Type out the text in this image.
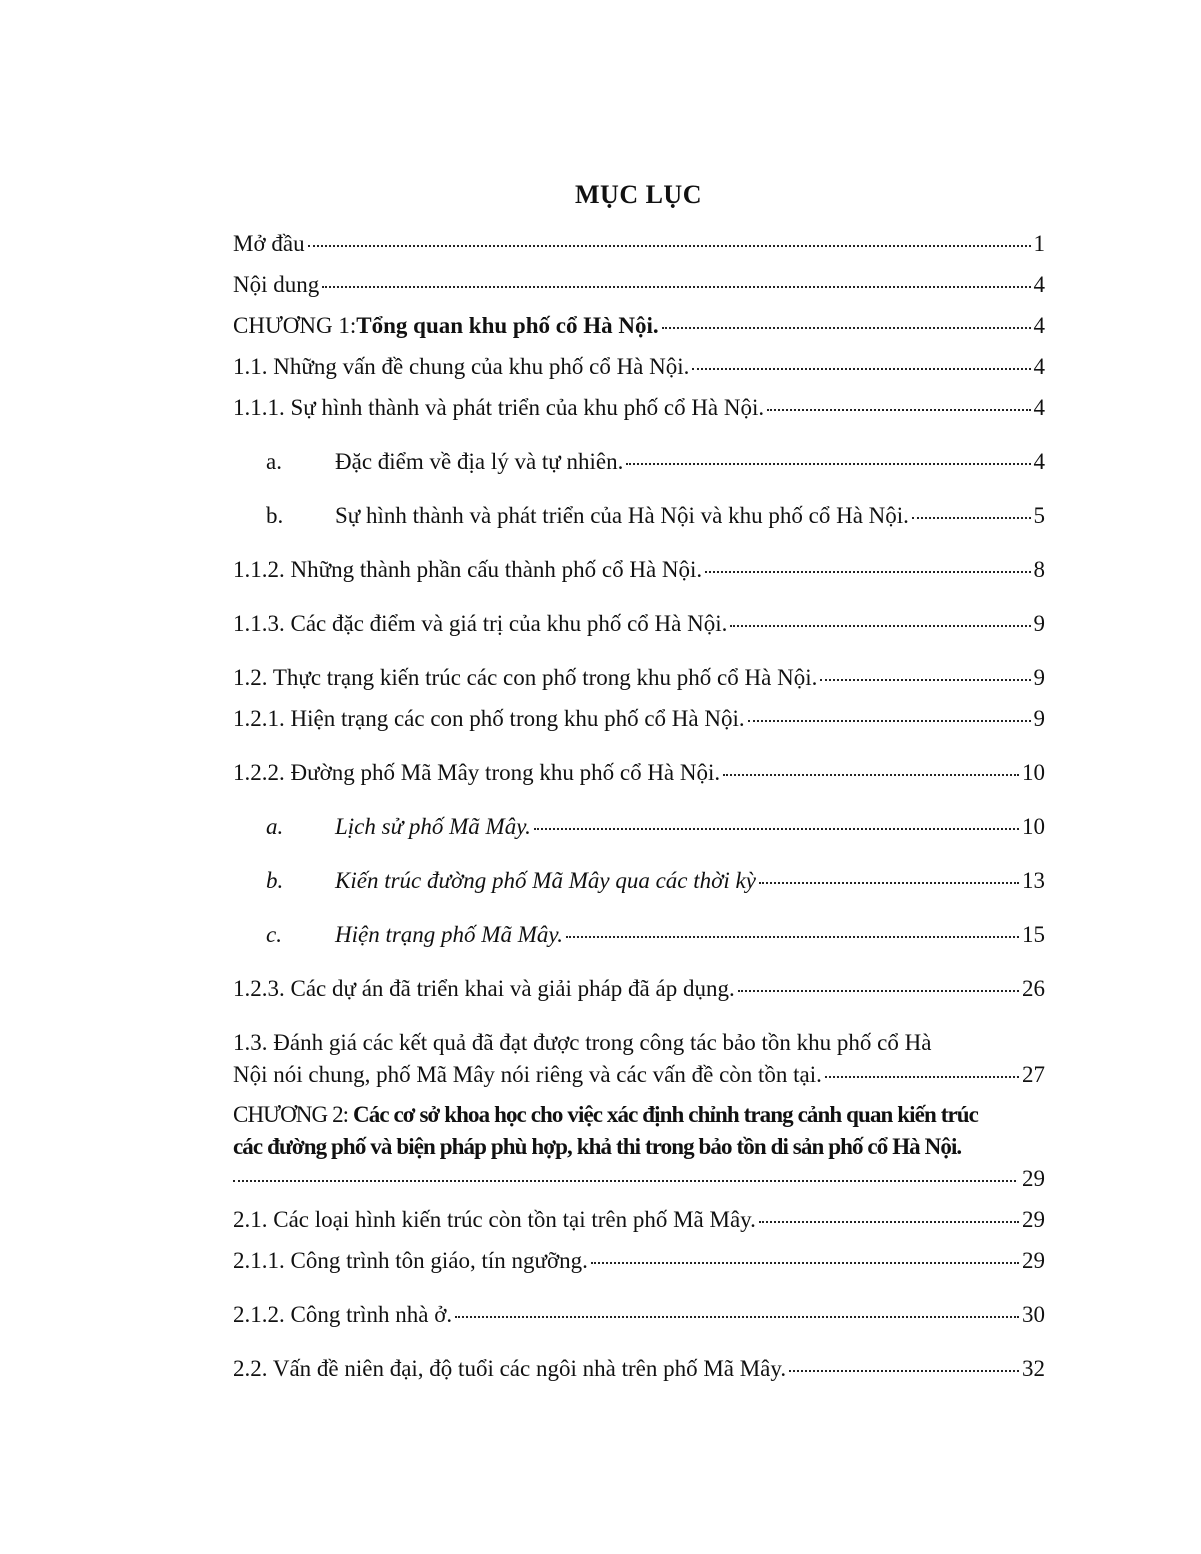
MỤC LỤC
Mở đầu	1
Nội dung	4
CHƯƠNG 1: Tổng quan khu phố cổ Hà Nội.	4
1.1. Những vấn đề chung của khu phố cổ Hà Nội.	4
1.1.1. Sự hình thành và phát triển của khu phố cổ Hà Nội.	4
a.	Đặc điểm về địa lý và tự nhiên.	4
b.	Sự hình thành và phát triển của Hà Nội và khu phố cổ Hà Nội.	5
1.1.2. Những thành phần cấu thành phố cổ Hà Nội.	8
1.1.3. Các đặc điểm và giá trị của khu phố cổ Hà Nội.	9
1.2. Thực trạng kiến trúc các con phố trong khu phố cổ Hà Nội.	9
1.2.1. Hiện trạng các con phố trong khu phố cổ Hà Nội.	9
1.2.2. Đường phố Mã Mây trong khu phố cổ Hà Nội.	10
a.	Lịch sử phố Mã Mây.	10
b.	Kiến trúc đường phố Mã Mây qua các thời kỳ	13
c.	Hiện trạng phố Mã Mây.	15
1.2.3. Các dự án đã triển khai và giải pháp đã áp dụng.	26
1.3. Đánh giá các kết quả đã đạt được trong công tác bảo tồn khu phố cổ Hà
Nội nói chung, phố Mã Mây nói riêng và các vấn đề còn tồn tại.	27
CHƯƠNG 2: Các cơ sở khoa học cho việc xác định chỉnh trang cảnh quan kiến trúc
các đường phố và biện pháp phù hợp, khả thi trong bảo tồn di sản phố cổ Hà Nội.
29
2.1. Các loại hình kiến trúc còn tồn tại trên phố Mã Mây.	29
2.1.1. Công trình tôn giáo, tín ngưỡng.	29
2.1.2. Công trình nhà ở.	30
2.2. Vấn đề niên đại, độ tuổi các ngôi nhà trên phố Mã Mây.	32
